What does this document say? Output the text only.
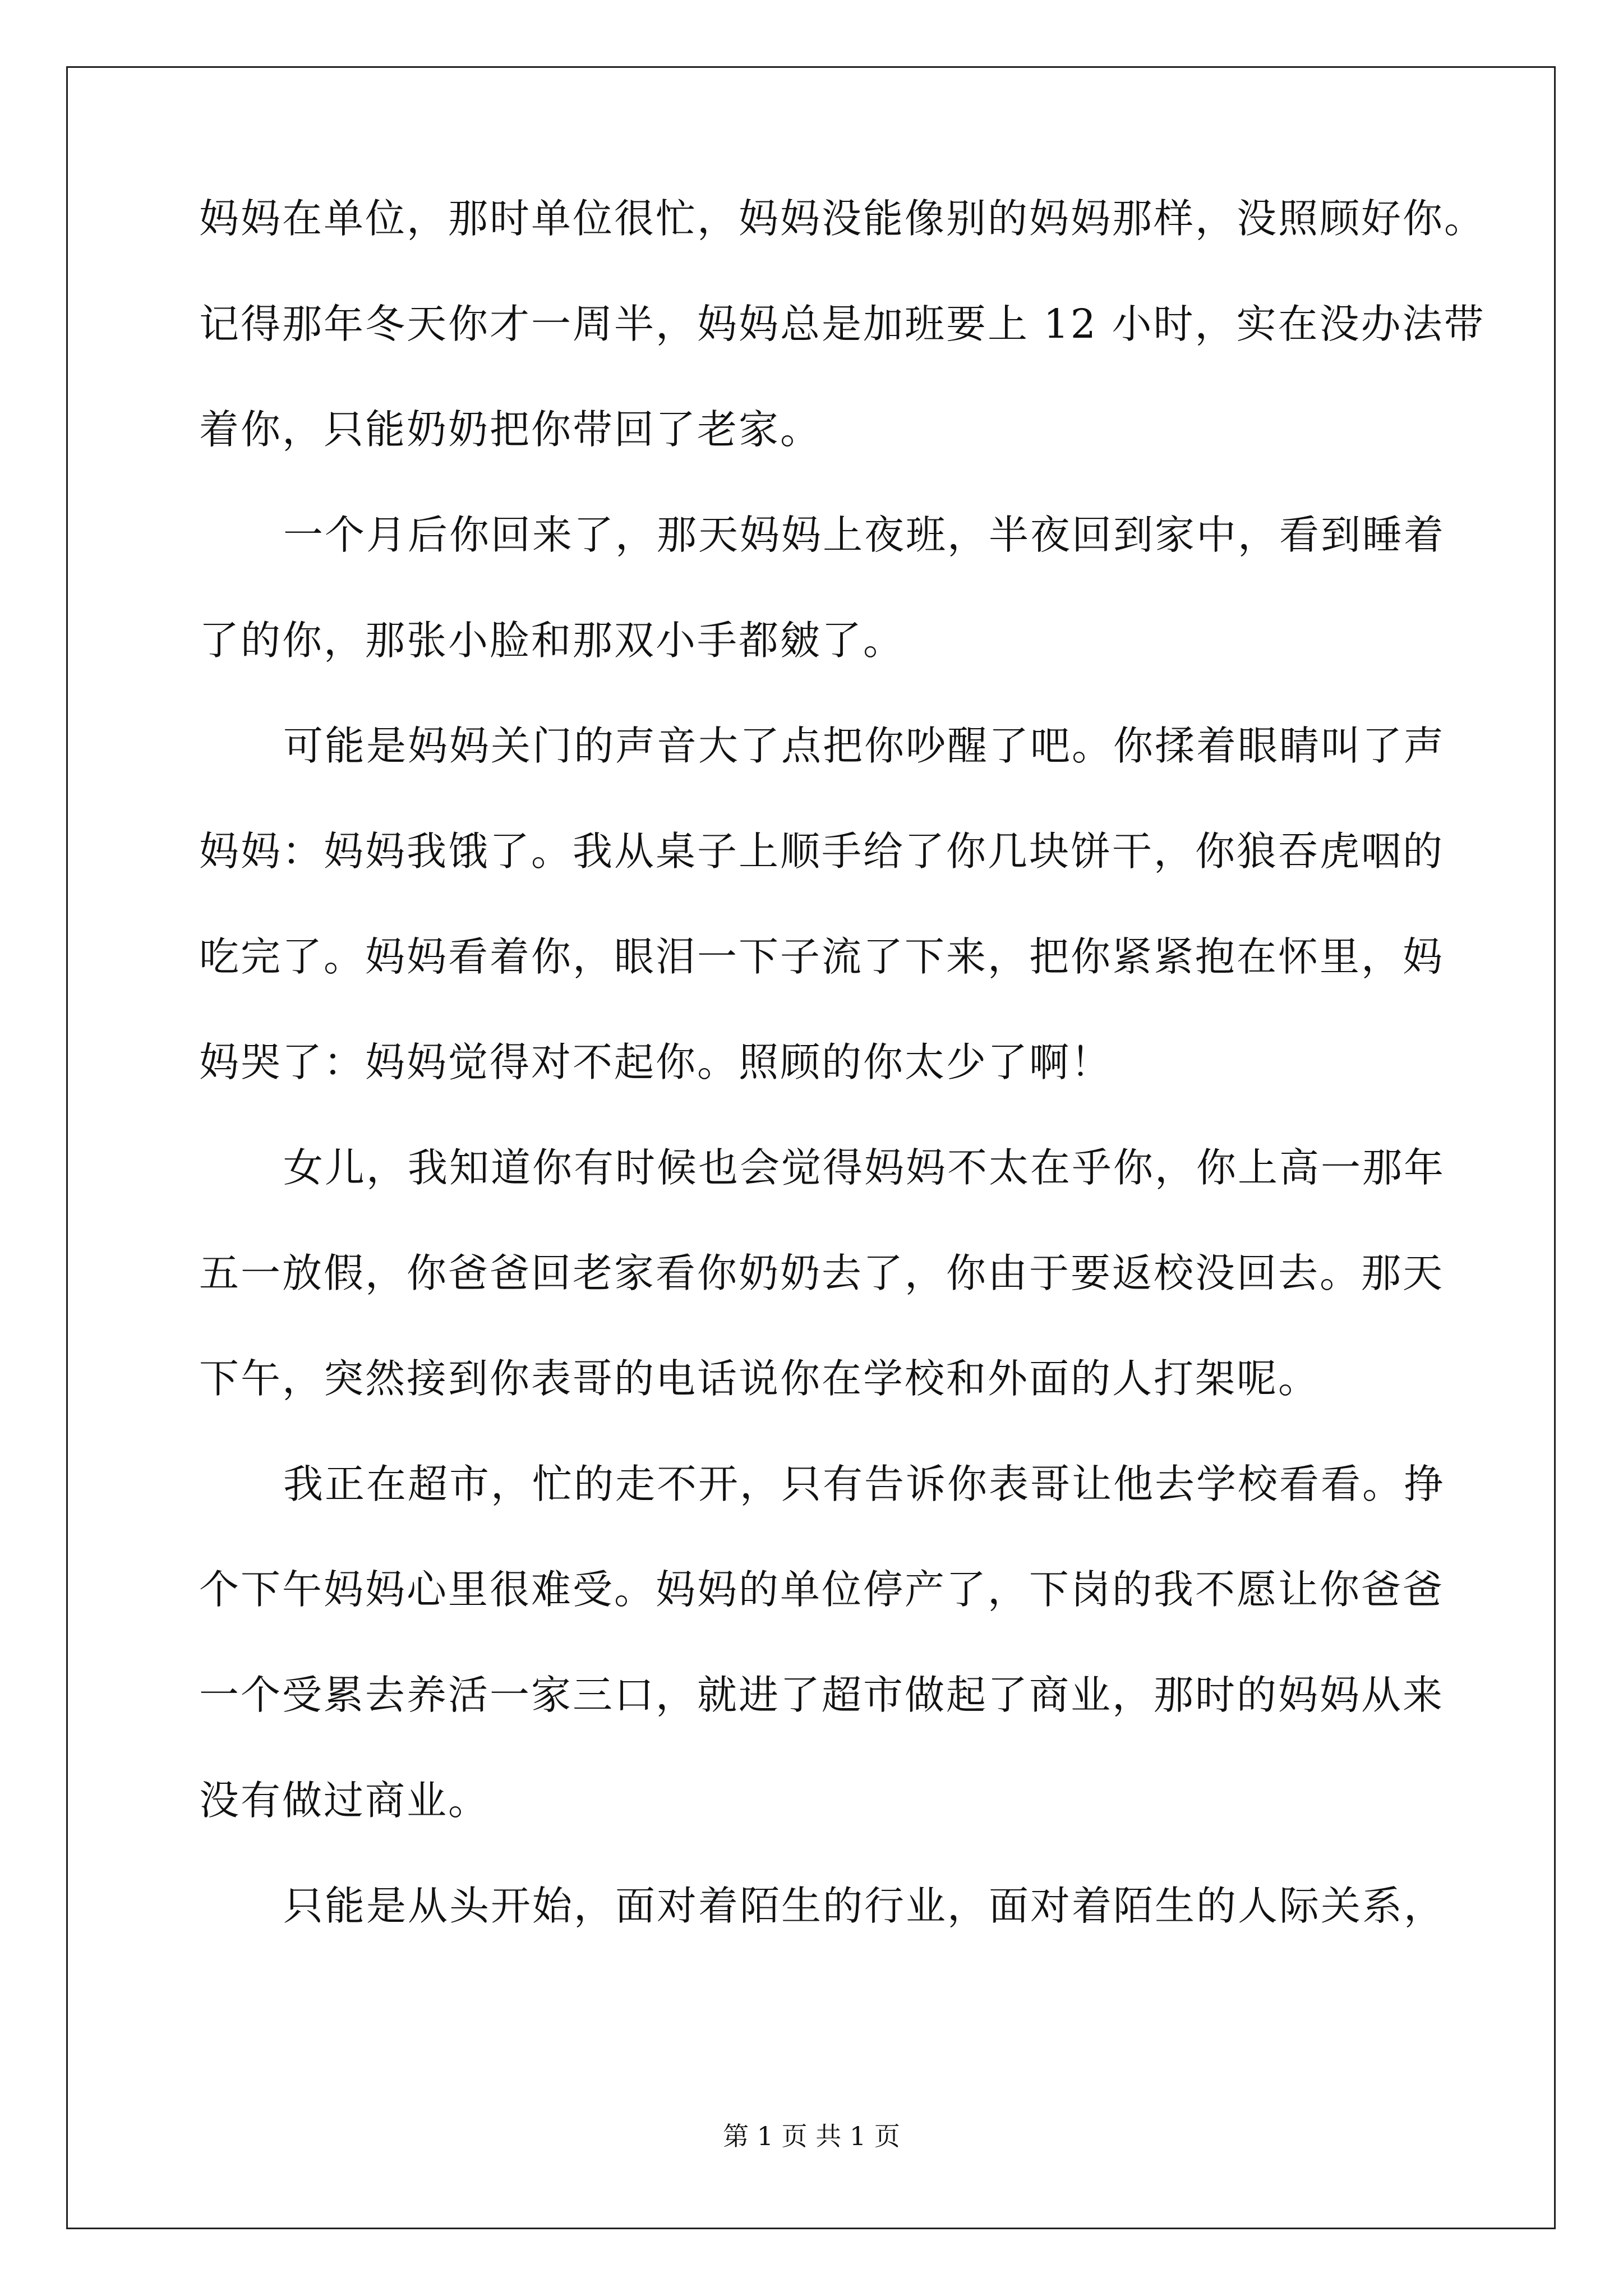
妈妈在单位，那时单位很忙，妈妈没能像别的妈妈那样，没照顾好你。
记得那年冬天你才一周半，妈妈总是加班要上 12 小时，实在没办法带
着你，只能奶奶把你带回了老家。
一个月后你回来了，那天妈妈上夜班，半夜回到家中，看到睡着
了的你，那张小脸和那双小手都皴了。
可能是妈妈关门的声音大了点把你吵醒了吧。你揉着眼睛叫了声
妈妈：妈妈我饿了。我从桌子上顺手给了你几块饼干，你狼吞虎咽的
吃完了。妈妈看着你，眼泪一下子流了下来，把你紧紧抱在怀里，妈
妈哭了：妈妈觉得对不起你。照顾的你太少了啊！
女儿，我知道你有时候也会觉得妈妈不太在乎你，你上高一那年
五一放假，你爸爸回老家看你奶奶去了，你由于要返校没回去。那天
下午，突然接到你表哥的电话说你在学校和外面的人打架呢。
我正在超市，忙的走不开，只有告诉你表哥让他去学校看看。挣
个下午妈妈心里很难受。妈妈的单位停产了，下岗的我不愿让你爸爸
一个受累去养活一家三口，就进了超市做起了商业，那时的妈妈从来
没有做过商业。
只能是从头开始，面对着陌生的行业，面对着陌生的人际关系，
第 1 页 共 1 页
